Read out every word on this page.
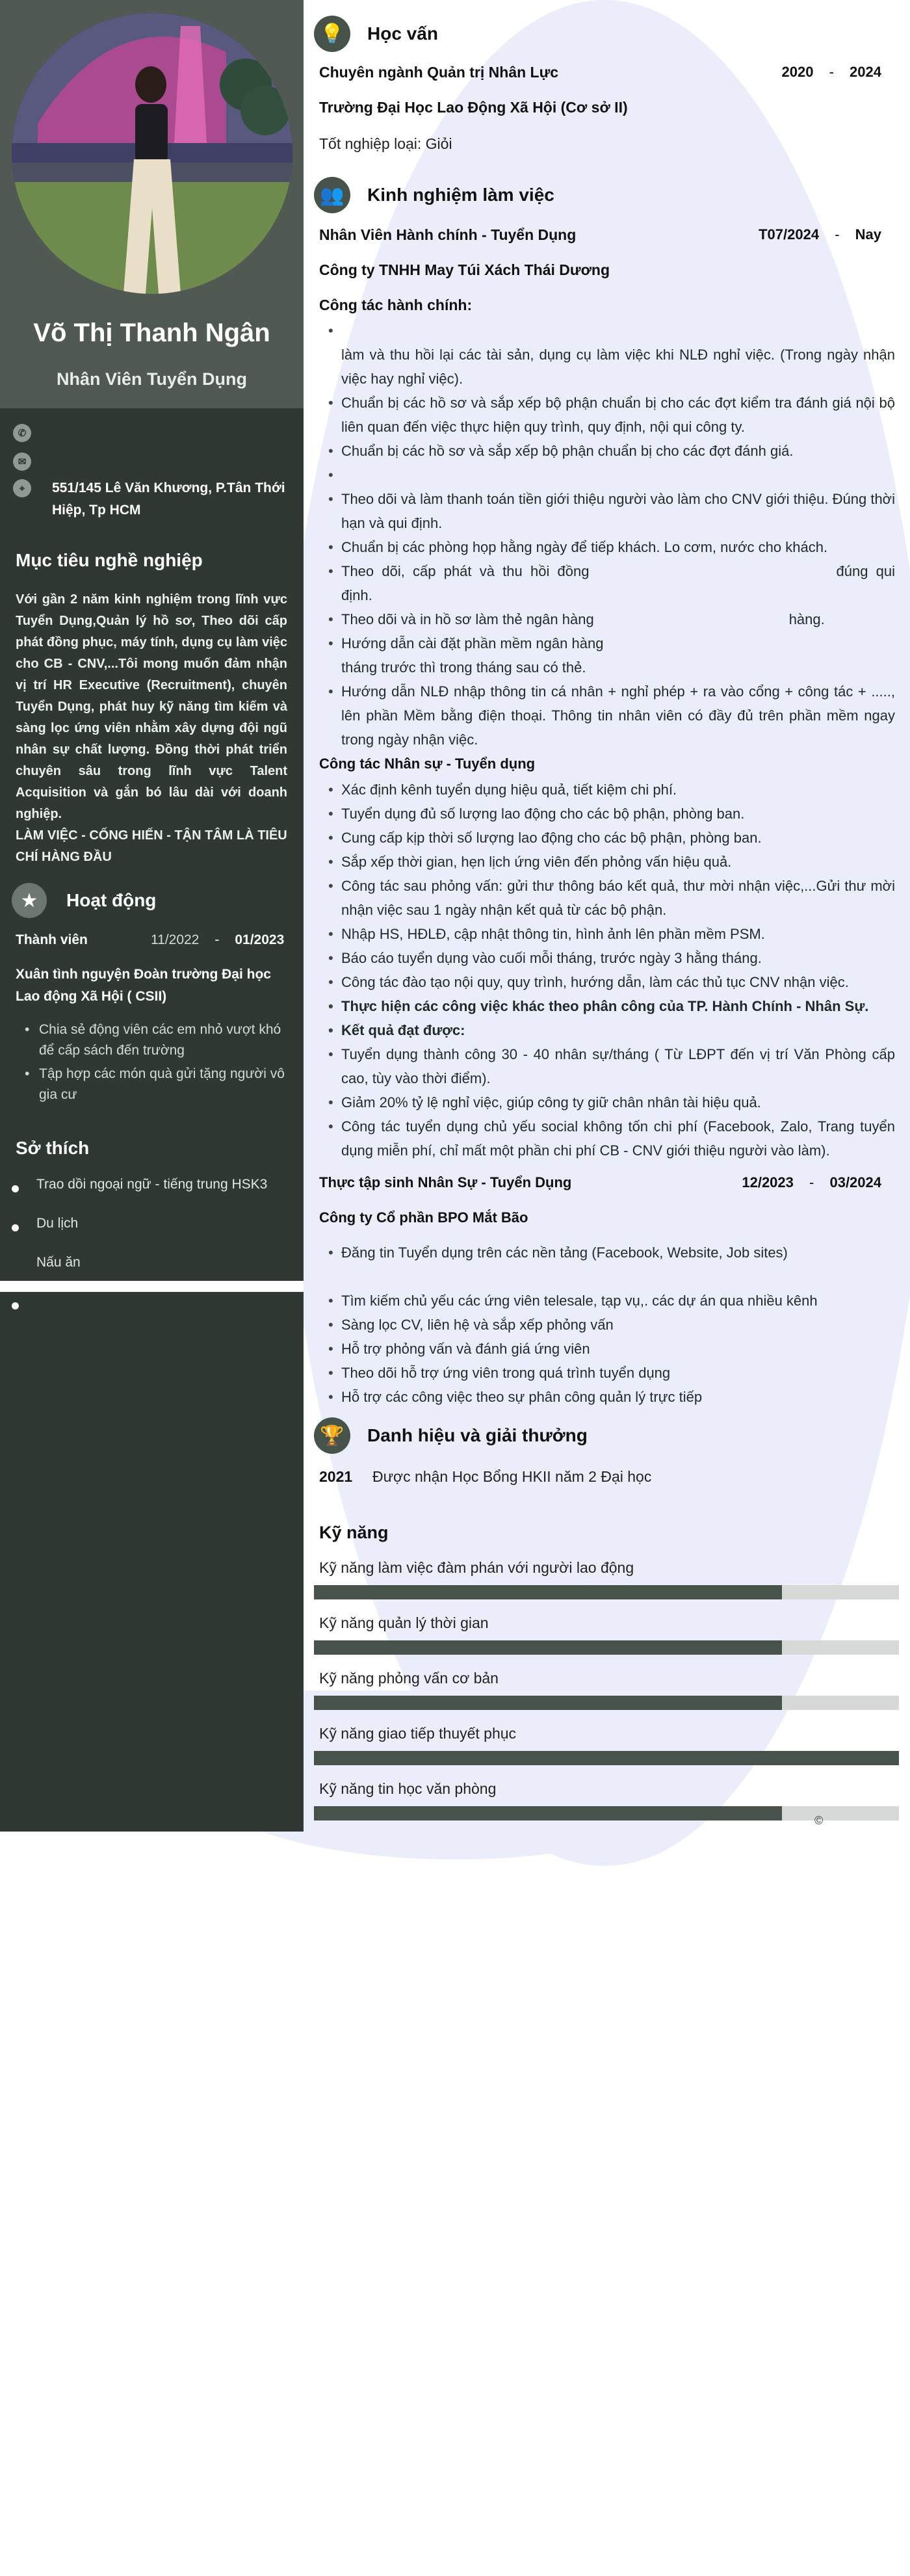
Võ Thị Thanh Ngân
Nhân Viên Tuyển Dụng
✆
✉
⌖	551/145 Lê Văn Khương, P.Tân Thới Hiệp, Tp HCM
Mục tiêu nghề nghiệp
Với gần 2 năm kinh nghiệm trong lĩnh vực Tuyển Dụng,Quản lý hồ sơ, Theo dõi cấp phát đồng phục, máy tính, dụng cụ làm việc cho CB - CNV,...Tôi mong muốn đảm nhận vị trí HR Executive (Recruitment), chuyên Tuyển Dụng, phát huy kỹ năng tìm kiếm và sàng lọc ứng viên nhằm xây dựng đội ngũ nhân sự chất lượng. Đồng thời phát triển chuyên sâu trong lĩnh vực Talent Acquisition và gắn bó lâu dài với doanh nghiệp.
LÀM VIỆC - CỐNG HIẾN - TẬN TÂM LÀ TIÊU CHÍ HÀNG ĐẦU
★	Hoạt động
Thành viên	11/2022 - 01/2023
Xuân tình nguyện Đoàn trường Đại học Lao động Xã Hội ( CSII)
• Chia sẻ động viên các em nhỏ vượt khó để cấp sách đến trường
• Tập hợp các món quà gửi tặng người vô gia cư
Sở thích
Trao dồi ngoại ngữ - tiếng trung HSK3
Du lịch
Nấu ăn
💡	Học vấn
Chuyên ngành Quản trị Nhân Lực	2020 - 2024
Trường Đại Học Lao Động Xã Hội (Cơ sở II)
Tốt nghiệp loại: Giỏi
👥	Kinh nghiệm làm việc
Nhân Viên Hành chính - Tuyển Dụng	T07/2024 - Nay
Công ty TNHH May Túi Xách Thái Dương
Công tác hành chính:
•
làm và thu hồi lại các tài sản, dụng cụ làm việc khi NLĐ nghỉ việc. (Trong ngày nhận việc hay nghỉ việc).
• Chuẩn bị các hồ sơ và sắp xếp bộ phận chuẩn bị cho các đợt kiểm tra đánh giá nội bộ liên quan đến việc thực hiện quy trình, quy định, nội qui công ty.
• Chuẩn bị các hồ sơ và sắp xếp bộ phận chuẩn bị cho các đợt đánh giá.
•
• Theo dõi và làm thanh toán tiền giới thiệu người vào làm cho CNV giới thiệu. Đúng thời hạn và qui định.
• Chuẩn bị các phòng họp hằng ngày để tiếp khách. Lo cơm, nước cho khách.
• Theo dõi, cấp phát và thu hồi đồng	đúng qui định.
• Theo dõi và in hồ sơ làm thẻ ngân hàng	hàng.
• Hướng dẫn cài đặt phần mềm ngân hàng
tháng trước thì trong tháng sau có thẻ.
• Hướng dẫn NLĐ nhập thông tin cá nhân + nghỉ phép + ra vào cổng + công tác + ....., lên phần Mềm bằng điện thoại. Thông tin nhân viên có đầy đủ trên phần mềm ngay trong ngày nhận việc.
Công tác Nhân sự - Tuyển dụng
• Xác định kênh tuyển dụng hiệu quả, tiết kiệm chi phí.
• Tuyển dụng đủ số lượng lao động cho các bộ phận, phòng ban.
• Cung cấp kịp thời số lượng lao động cho các bộ phận, phòng ban.
• Sắp xếp thời gian, hẹn lịch ứng viên đến phỏng vấn hiệu quả.
• Công tác sau phỏng vấn: gửi thư thông báo kết quả, thư mời nhận việc,...Gửi thư mời nhận việc sau 1 ngày nhận kết quả từ các bộ phận.
• Nhập HS, HĐLĐ, cập nhật thông tin, hình ảnh lên phần mềm PSM.
• Báo cáo tuyển dụng vào cuối mỗi tháng, trước ngày 3 hằng tháng.
• Công tác đào tạo nội quy, quy trình, hướng dẫn, làm các thủ tục CNV nhận việc.
• Thực hiện các công việc khác theo phân công của TP. Hành Chính - Nhân Sự.
• Kết quả đạt được:
• Tuyển dụng thành công 30 - 40 nhân sự/tháng ( Từ LĐPT đến vị trí Văn Phòng cấp cao, tùy vào thời điểm).
• Giảm 20% tỷ lệ nghỉ việc, giúp công ty giữ chân nhân tài hiệu quả.
• Công tác tuyển dụng chủ yếu social không tốn chi phí (Facebook, Zalo, Trang tuyển dụng miễn phí, chỉ mất một phần chi phí CB - CNV giới thiệu người vào làm).
Thực tập sinh Nhân Sự - Tuyển Dụng	12/2023 - 03/2024
Công ty Cổ phần BPO Mắt Bão
• Đăng tin Tuyển dụng trên các nền tảng (Facebook, Website, Job sites)
• Tìm kiếm chủ yếu các ứng viên telesale, tạp vụ,. các dự án qua nhiều kênh
• Sàng lọc CV, liên hệ và sắp xếp phỏng vấn
• Hỗ trợ phỏng vấn và đánh giá ứng viên
• Theo dõi hỗ trợ ứng viên trong quá trình tuyển dụng
• Hỗ trợ các công việc theo sự phân công quản lý trực tiếp
🏆	Danh hiệu và giải thưởng
2021 Được nhận Học Bổng HKII năm 2 Đại học
Kỹ năng
Kỹ năng làm việc đàm phán với người lao động
Kỹ năng quản lý thời gian
Kỹ năng phỏng vấn cơ bản
Kỹ năng giao tiếp thuyết phục
Kỹ năng tin học văn phòng
©
